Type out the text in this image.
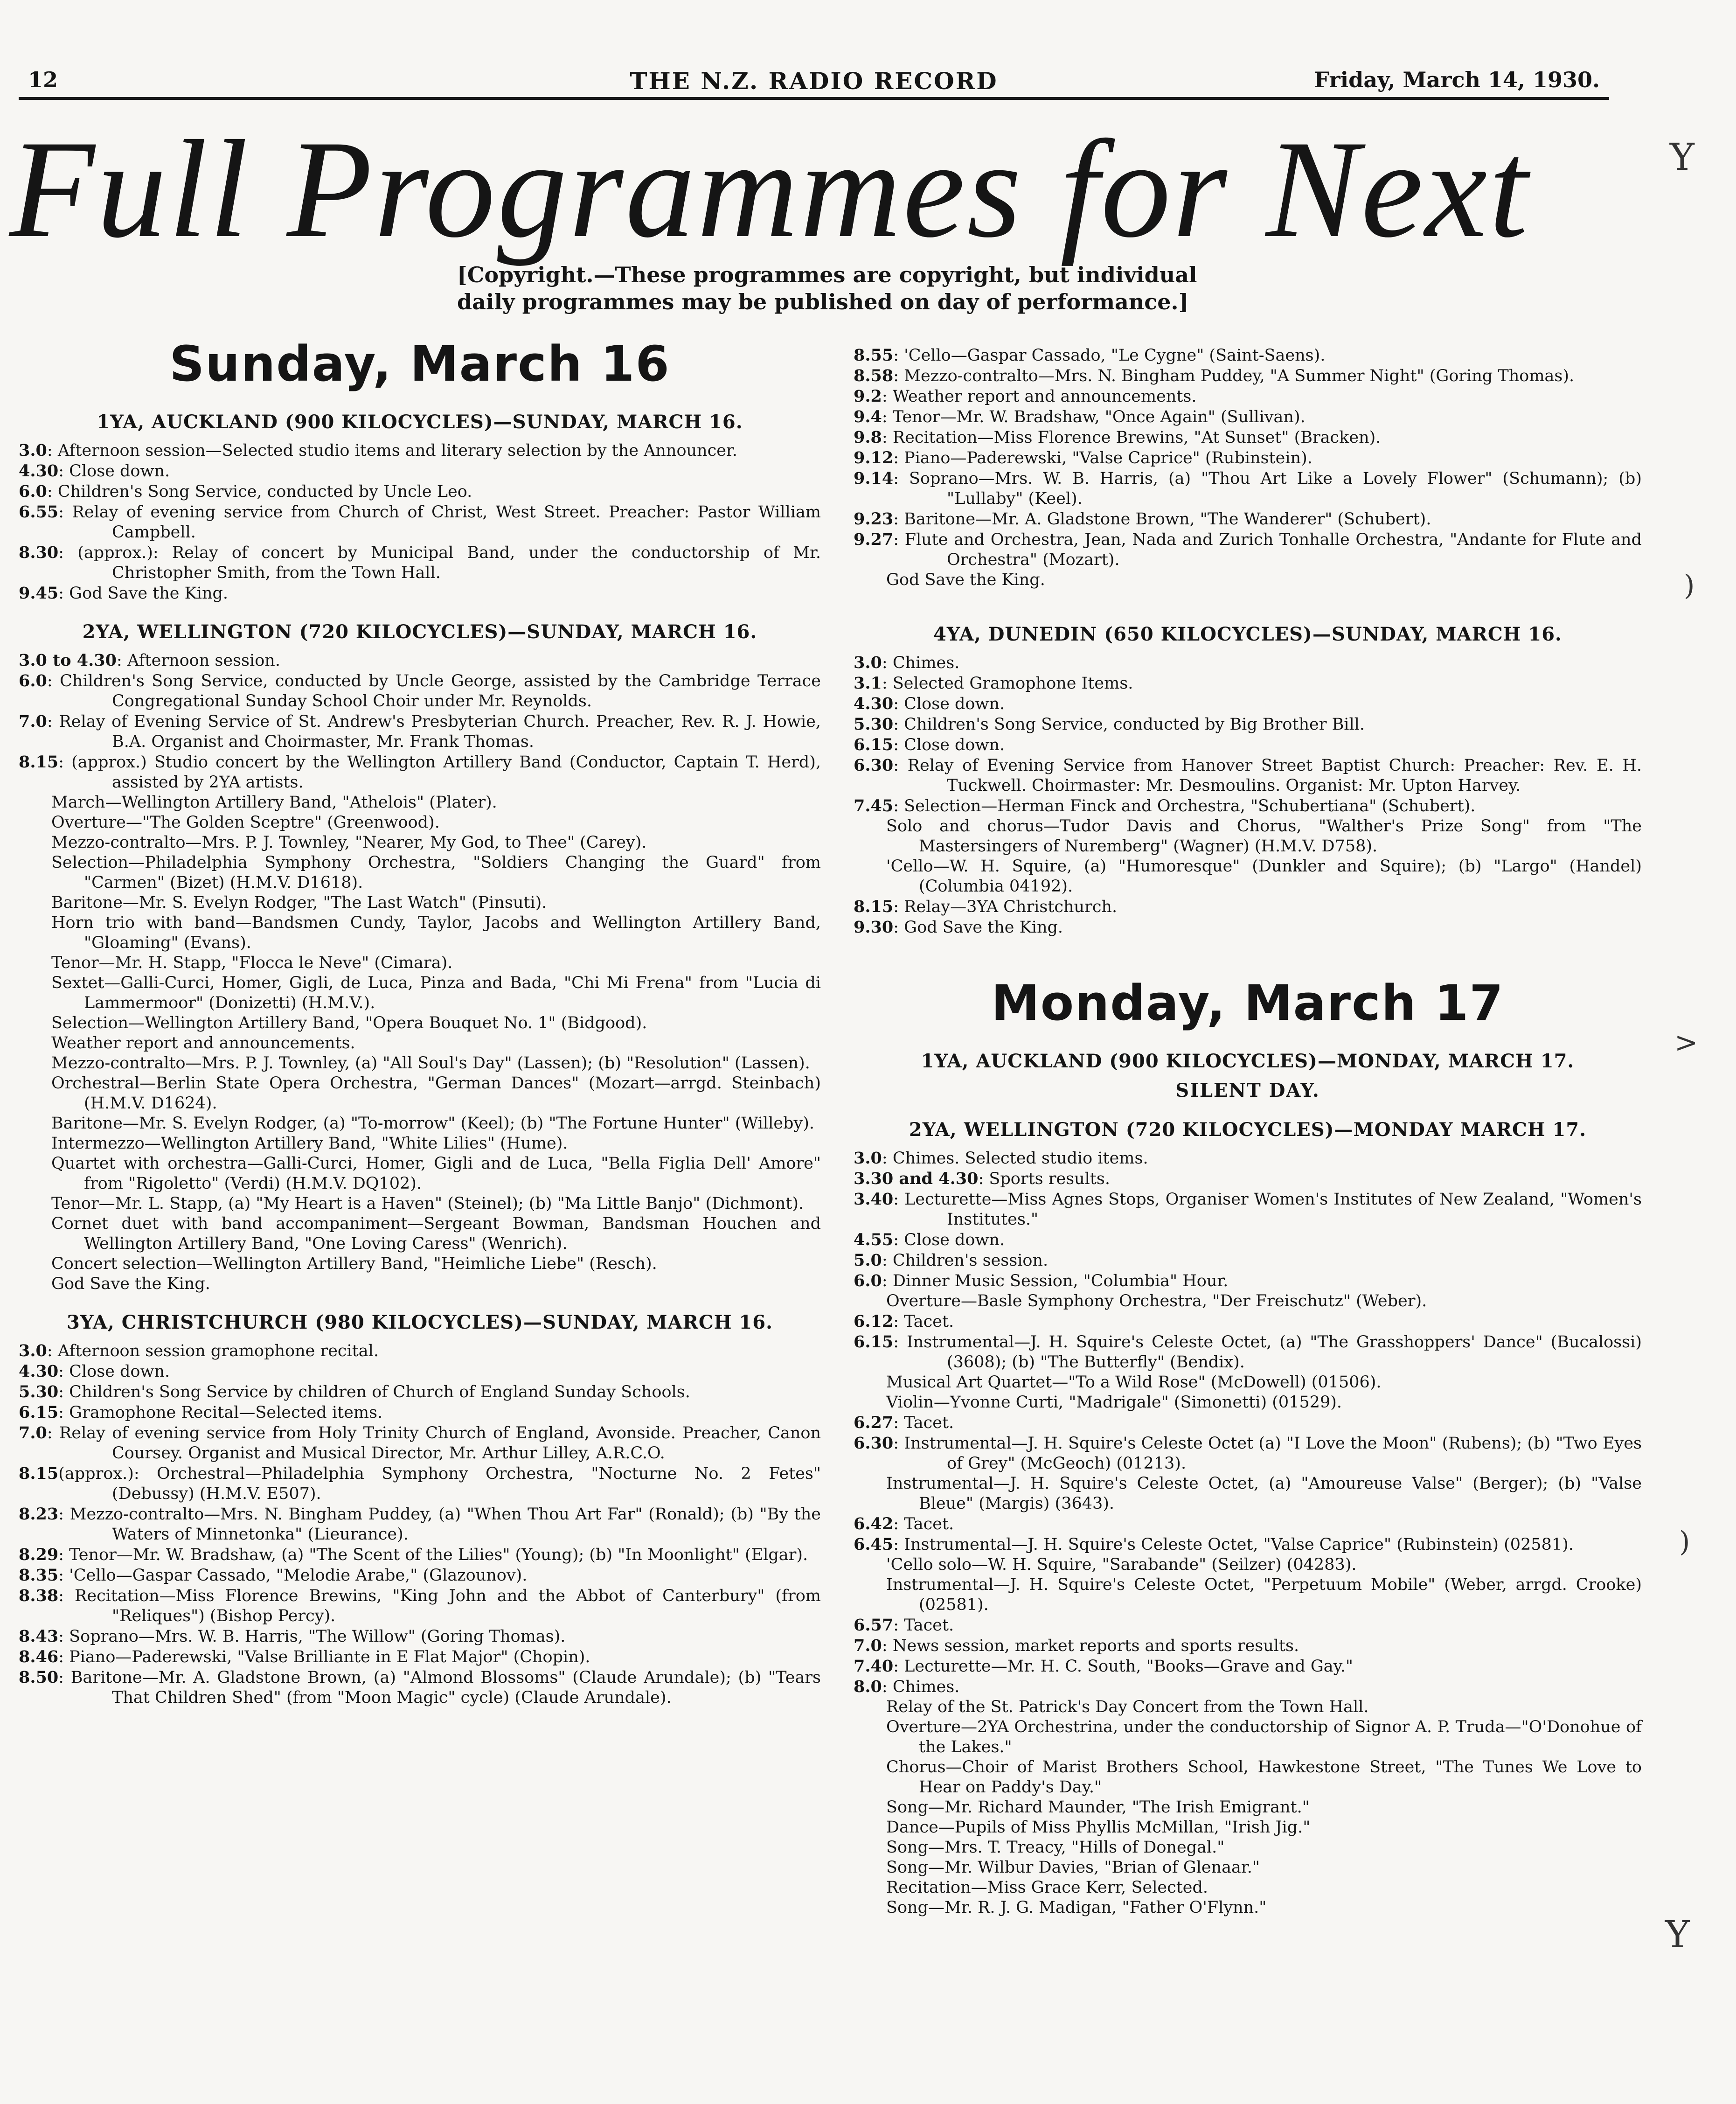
12	THE N.Z. RADIO RECORD	Friday, March 14, 1930.
Full Programmes for Next
[Copyright.—These programmes are copyright, but individual daily programmes may be published on day of performance.]
Sunday, March 16
1YA, AUCKLAND (900 KILOCYCLES)—SUNDAY, MARCH 16.
3.0: Afternoon session—Selected studio items and literary selection by the Announcer.
4.30: Close down.
6.0: Children's Song Service, conducted by Uncle Leo.
6.55: Relay of evening service from Church of Christ, West Street. Preacher: Pastor William Campbell.
8.30: (approx.): Relay of concert by Municipal Band, under the conductorship of Mr. Christopher Smith, from the Town Hall.
9.45: God Save the King.
2YA, WELLINGTON (720 KILOCYCLES)—SUNDAY, MARCH 16.
3.0 to 4.30: Afternoon session.
6.0: Children's Song Service, conducted by Uncle George, assisted by the Cambridge Terrace Congregational Sunday School Choir under Mr. Reynolds.
7.0: Relay of Evening Service of St. Andrew's Presbyterian Church. Preacher, Rev. R. J. Howie, B.A. Organist and Choirmaster, Mr. Frank Thomas.
8.15: (approx.) Studio concert by the Wellington Artillery Band (Conductor, Captain T. Herd), assisted by 2YA artists.
March—Wellington Artillery Band, "Athelois" (Plater).
Overture—"The Golden Sceptre" (Greenwood).
Mezzo-contralto—Mrs. P. J. Townley, "Nearer, My God, to Thee" (Carey).
Selection—Philadelphia Symphony Orchestra, "Soldiers Changing the Guard" from "Carmen" (Bizet) (H.M.V. D1618).
Baritone—Mr. S. Evelyn Rodger, "The Last Watch" (Pinsuti).
Horn trio with band—Bandsmen Cundy, Taylor, Jacobs and Wellington Artillery Band, "Gloaming" (Evans).
Tenor—Mr. H. Stapp, "Flocca le Neve" (Cimara).
Sextet—Galli-Curci, Homer, Gigli, de Luca, Pinza and Bada, "Chi Mi Frena" from "Lucia di Lammermoor" (Donizetti) (H.M.V.).
Selection—Wellington Artillery Band, "Opera Bouquet No. 1" (Bidgood).
Weather report and announcements.
Mezzo-contralto—Mrs. P. J. Townley, (a) "All Soul's Day" (Lassen); (b) "Resolution" (Lassen).
Orchestral—Berlin State Opera Orchestra, "German Dances" (Mozart—arrgd. Steinbach) (H.M.V. D1624).
Baritone—Mr. S. Evelyn Rodger, (a) "To-morrow" (Keel); (b) "The Fortune Hunter" (Willeby).
Intermezzo—Wellington Artillery Band, "White Lilies" (Hume).
Quartet with orchestra—Galli-Curci, Homer, Gigli and de Luca, "Bella Figlia Dell' Amore" from "Rigoletto" (Verdi) (H.M.V. DQ102).
Tenor—Mr. L. Stapp, (a) "My Heart is a Haven" (Steinel); (b) "Ma Little Banjo" (Dichmont).
Cornet duet with band accompaniment—Sergeant Bowman, Bandsman Houchen and Wellington Artillery Band, "One Loving Caress" (Wenrich).
Concert selection—Wellington Artillery Band, "Heimliche Liebe" (Resch).
God Save the King.
3YA, CHRISTCHURCH (980 KILOCYCLES)—SUNDAY, MARCH 16.
3.0: Afternoon session gramophone recital.
4.30: Close down.
5.30: Children's Song Service by children of Church of England Sunday Schools.
6.15: Gramophone Recital—Selected items.
7.0: Relay of evening service from Holy Trinity Church of England, Avonside. Preacher, Canon Coursey. Organist and Musical Director, Mr. Arthur Lilley, A.R.C.O.
8.15(approx.): Orchestral—Philadelphia Symphony Orchestra, "Nocturne No. 2 Fetes" (Debussy) (H.M.V. E507).
8.23: Mezzo-contralto—Mrs. N. Bingham Puddey, (a) "When Thou Art Far" (Ronald); (b) "By the Waters of Minnetonka" (Lieurance).
8.29: Tenor—Mr. W. Bradshaw, (a) "The Scent of the Lilies" (Young); (b) "In Moonlight" (Elgar).
8.35: 'Cello—Gaspar Cassado, "Melodie Arabe," (Glazounov).
8.38: Recitation—Miss Florence Brewins, "King John and the Abbot of Canterbury" (from "Reliques") (Bishop Percy).
8.43: Soprano—Mrs. W. B. Harris, "The Willow" (Goring Thomas).
8.46: Piano—Paderewski, "Valse Brilliante in E Flat Major" (Chopin).
8.50: Baritone—Mr. A. Gladstone Brown, (a) "Almond Blossoms" (Claude Arundale); (b) "Tears That Children Shed" (from "Moon Magic" cycle) (Claude Arundale).
8.55: 'Cello—Gaspar Cassado, "Le Cygne" (Saint-Saens).
8.58: Mezzo-contralto—Mrs. N. Bingham Puddey, "A Summer Night" (Goring Thomas).
9.2: Weather report and announcements.
9.4: Tenor—Mr. W. Bradshaw, "Once Again" (Sullivan).
9.8: Recitation—Miss Florence Brewins, "At Sunset" (Bracken).
9.12: Piano—Paderewski, "Valse Caprice" (Rubinstein).
9.14: Soprano—Mrs. W. B. Harris, (a) "Thou Art Like a Lovely Flower" (Schumann); (b) "Lullaby" (Keel).
9.23: Baritone—Mr. A. Gladstone Brown, "The Wanderer" (Schubert).
9.27: Flute and Orchestra, Jean, Nada and Zurich Tonhalle Orchestra, "Andante for Flute and Orchestra" (Mozart).
God Save the King.
4YA, DUNEDIN (650 KILOCYCLES)—SUNDAY, MARCH 16.
3.0: Chimes.
3.1: Selected Gramophone Items.
4.30: Close down.
5.30: Children's Song Service, conducted by Big Brother Bill.
6.15: Close down.
6.30: Relay of Evening Service from Hanover Street Baptist Church: Preacher: Rev. E. H. Tuckwell. Choirmaster: Mr. Desmoulins. Organist: Mr. Upton Harvey.
7.45: Selection—Herman Finck and Orchestra, "Schubertiana" (Schubert).
Solo and chorus—Tudor Davis and Chorus, "Walther's Prize Song" from "The Mastersingers of Nuremberg" (Wagner) (H.M.V. D758).
'Cello—W. H. Squire, (a) "Humoresque" (Dunkler and Squire); (b) "Largo" (Handel) (Columbia 04192).
8.15: Relay—3YA Christchurch.
9.30: God Save the King.
Monday, March 17
1YA, AUCKLAND (900 KILOCYCLES)—MONDAY, MARCH 17.
SILENT DAY.
2YA, WELLINGTON (720 KILOCYCLES)—MONDAY MARCH 17.
3.0: Chimes. Selected studio items.
3.30 and 4.30: Sports results.
3.40: Lecturette—Miss Agnes Stops, Organiser Women's Institutes of New Zealand, "Women's Institutes."
4.55: Close down.
5.0: Children's session.
6.0: Dinner Music Session, "Columbia" Hour.
Overture—Basle Symphony Orchestra, "Der Freischutz" (Weber).
6.12: Tacet.
6.15: Instrumental—J. H. Squire's Celeste Octet, (a) "The Grasshoppers' Dance" (Bucalossi) (3608); (b) "The Butterfly" (Bendix).
Musical Art Quartet—"To a Wild Rose" (McDowell) (01506).
Violin—Yvonne Curti, "Madrigale" (Simonetti) (01529).
6.27: Tacet.
6.30: Instrumental—J. H. Squire's Celeste Octet (a) "I Love the Moon" (Rubens); (b) "Two Eyes of Grey" (McGeoch) (01213).
Instrumental—J. H. Squire's Celeste Octet, (a) "Amoureuse Valse" (Berger); (b) "Valse Bleue" (Margis) (3643).
6.42: Tacet.
6.45: Instrumental—J. H. Squire's Celeste Octet, "Valse Caprice" (Rubinstein) (02581).
'Cello solo—W. H. Squire, "Sarabande" (Seilzer) (04283).
Instrumental—J. H. Squire's Celeste Octet, "Perpetuum Mobile" (Weber, arrgd. Crooke) (02581).
6.57: Tacet.
7.0: News session, market reports and sports results.
7.40: Lecturette—Mr. H. C. South, "Books—Grave and Gay."
8.0: Chimes.
Relay of the St. Patrick's Day Concert from the Town Hall.
Overture—2YA Orchestrina, under the conductorship of Signor A. P. Truda—"O'Donohue of the Lakes."
Chorus—Choir of Marist Brothers School, Hawkestone Street, "The Tunes We Love to Hear on Paddy's Day."
Song—Mr. Richard Maunder, "The Irish Emigrant."
Dance—Pupils of Miss Phyllis McMillan, "Irish Jig."
Song—Mrs. T. Treacy, "Hills of Donegal."
Song—Mr. Wilbur Davies, "Brian of Glenaar."
Recitation—Miss Grace Kerr, Selected.
Song—Mr. R. J. G. Madigan, "Father O'Flynn."
Y
)
>
)
Y
